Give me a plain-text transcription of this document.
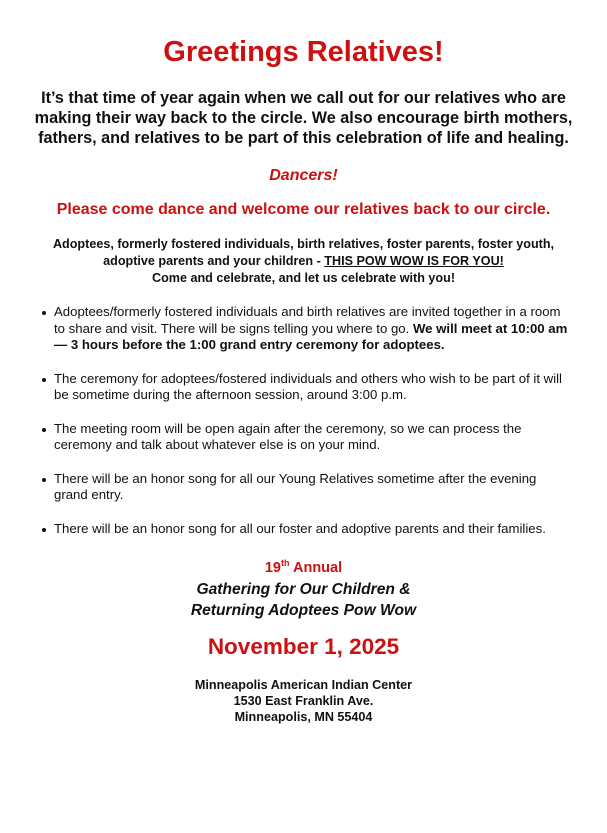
Greetings Relatives!

It’s that time of year again when we call out for our relatives who are making their way back to the circle. We also encourage birth mothers, fathers, and relatives to be part of this celebration of life and healing.

Dancers!

Please come dance and welcome our relatives back to our circle.

Adoptees, formerly fostered individuals, birth relatives, foster parents, foster youth, adoptive parents and your children - THIS POW WOW IS FOR YOU!
Come and celebrate, and let us celebrate with you!

Adoptees/formerly fostered individuals and birth relatives are invited together in a room to share and visit. There will be signs telling you where to go. We will meet at 10:00 am — 3 hours before the 1:00 grand entry ceremony for adoptees.
The ceremony for adoptees/fostered individuals and others who wish to be part of it will be sometime during the afternoon session, around 3:00 p.m.
The meeting room will be open again after the ceremony, so we can process the ceremony and talk about whatever else is on your mind.
There will be an honor song for all our Young Relatives sometime after the evening grand entry.
There will be an honor song for all our foster and adoptive parents and their families.

19th Annual

Gathering for Our Children &
Returning Adoptees Pow Wow

November 1, 2025

Minneapolis American Indian Center
1530 East Franklin Ave.
Minneapolis, MN 55404
